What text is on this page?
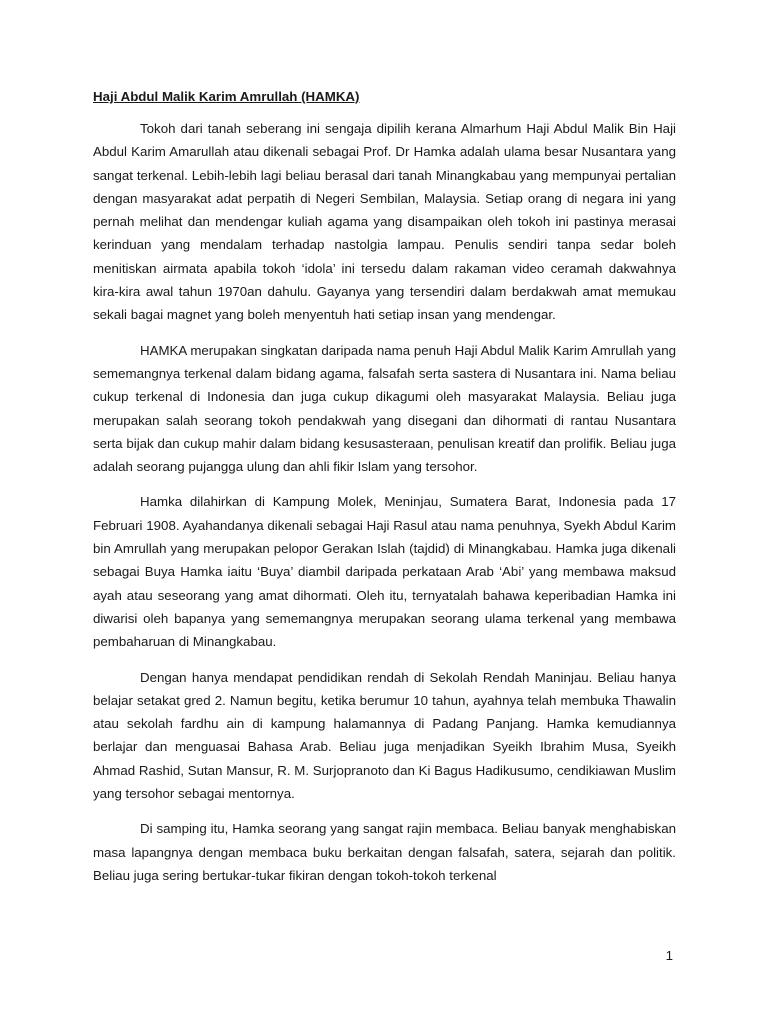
Haji Abdul Malik Karim Amrullah (HAMKA)

Tokoh dari tanah seberang ini sengaja dipilih kerana Almarhum Haji Abdul Malik Bin Haji Abdul Karim Amarullah atau dikenali sebagai Prof. Dr Hamka adalah ulama besar Nusantara yang sangat terkenal. Lebih-lebih lagi beliau berasal dari tanah Minangkabau yang mempunyai pertalian dengan masyarakat adat perpatih di Negeri Sembilan, Malaysia. Setiap orang di negara ini yang pernah melihat dan mendengar kuliah agama yang disampaikan oleh tokoh ini pastinya merasai kerinduan yang mendalam terhadap nastolgia lampau. Penulis sendiri tanpa sedar boleh menitiskan airmata apabila tokoh ‘idola’ ini tersedu dalam rakaman video ceramah dakwahnya kira-kira awal tahun 1970an dahulu. Gayanya yang tersendiri dalam berdakwah amat memukau sekali bagai magnet yang boleh menyentuh hati setiap insan yang mendengar.

HAMKA merupakan singkatan daripada nama penuh Haji Abdul Malik Karim Amrullah yang sememangnya terkenal dalam bidang agama, falsafah serta sastera di Nusantara ini. Nama beliau cukup terkenal di Indonesia dan juga cukup dikagumi oleh masyarakat Malaysia. Beliau juga merupakan salah seorang tokoh pendakwah yang disegani dan dihormati di rantau Nusantara serta bijak dan cukup mahir dalam bidang kesusasteraan, penulisan kreatif dan prolifik. Beliau juga adalah seorang pujangga ulung dan ahli fikir Islam yang tersohor.

Hamka dilahirkan di Kampung Molek, Meninjau, Sumatera Barat, Indonesia pada 17 Februari 1908. Ayahandanya dikenali sebagai Haji Rasul atau nama penuhnya, Syekh Abdul Karim bin Amrullah yang merupakan pelopor Gerakan Islah (tajdid) di Minangkabau. Hamka juga dikenali sebagai Buya Hamka iaitu ‘Buya’ diambil daripada perkataan Arab ‘Abi’ yang membawa maksud ayah atau seseorang yang amat dihormati. Oleh itu, ternyatalah bahawa keperibadian Hamka ini diwarisi oleh bapanya yang sememangnya merupakan seorang ulama terkenal yang membawa pembaharuan di Minangkabau.

Dengan hanya mendapat pendidikan rendah di Sekolah Rendah Maninjau. Beliau hanya belajar setakat gred 2. Namun begitu, ketika berumur 10 tahun, ayahnya telah membuka Thawalin atau sekolah fardhu ain di kampung halamannya di Padang Panjang. Hamka kemudiannya berlajar dan menguasai Bahasa Arab. Beliau juga menjadikan Syeikh Ibrahim Musa, Syeikh Ahmad Rashid, Sutan Mansur, R. M. Surjopranoto dan Ki Bagus Hadikusumo, cendikiawan Muslim yang tersohor sebagai mentornya.

Di samping itu, Hamka seorang yang sangat rajin membaca. Beliau banyak menghabiskan masa lapangnya dengan membaca buku berkaitan dengan falsafah, satera, sejarah dan politik. Beliau juga sering bertukar-tukar fikiran dengan tokoh-tokoh terkenal

1
